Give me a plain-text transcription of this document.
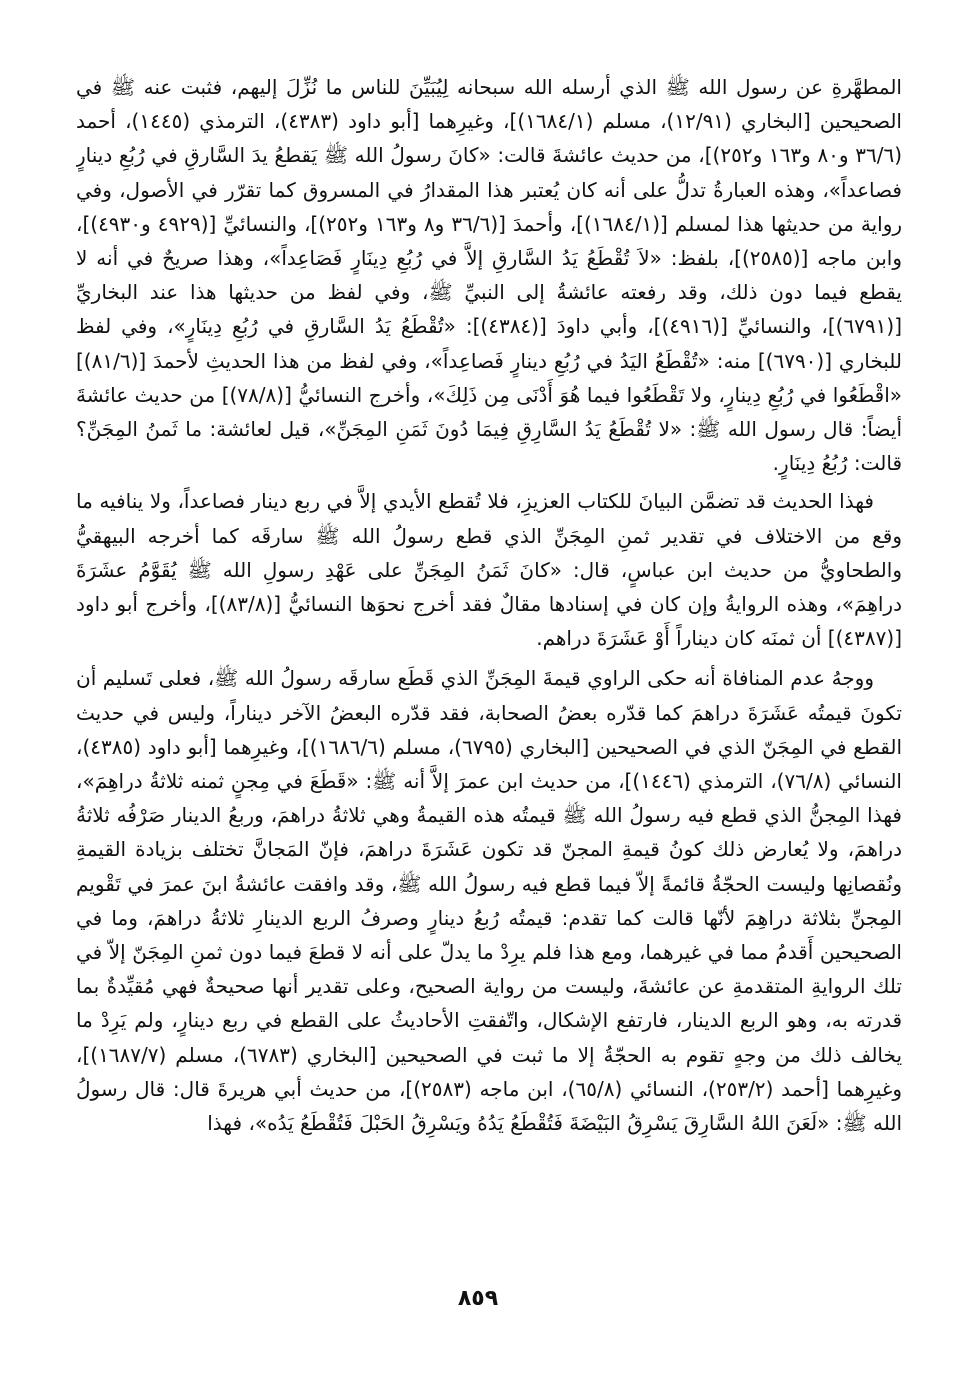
المطهَّرةِ عن رسول الله ﷺ الذي أرسله الله سبحانه لِيُبَيِّنَ للناس ما نُزِّلَ إليهم، فثبت عنه ﷺ في الصحيحين [البخاري (١٢/٩١)، مسلم (١٦٨٤/١)]، وغيرِهما [أبو داود (٤٣٨٣)، الترمذي (١٤٤٥)، أحمد (٣٦/٦ و٨٠ و١٦٣ و٢٥٢)]، من حديث عائشةَ قالت: «كانَ رسولُ الله ﷺ يَقطعُ يدَ السَّارقِ في رُبُعِ دينارٍ فصاعداً»، وهذه العبارةُ تدلُّ على أنه كان يُعتبر هذا المقدارُ في المسروق كما تقرّر في الأصول، وفي رواية من حديثها هذا لمسلم [(١٦٨٤/١)]، وأحمدَ [(٣٦/٦ و٨ و١٦٣ و٢٥٢)]، والنسائيِّ [(٤٩٢٩ و٤٩٣٠)]، وابن ماجه [(٢٥٨٥)]، بلفظ: «لاَ تُقْطَعُ يَدُ السَّارقِ إلاَّ في رُبُعِ دِينَارٍ فَصَاعِداً»، وهذا صريحٌ في أنه لا يقطع فيما دون ذلك، وقد رفعته عائشةُ إلى النبيِّ ﷺ، وفي لفظ من حديثها هذا عند البخاريِّ [(٦٧٩١)]، والنسائيِّ [(٤٩١٦)]، وأبي داودَ [(٤٣٨٤)]: «تُقْطَعُ يَدُ السَّارقِ في رُبُعِ دِينَارٍ»، وفي لفظ للبخاري [(٦٧٩٠)] منه: «تُقْطَعُ اليَدُ في رُبُعِ دينارٍ فَصاعِداً»، وفي لفظ من هذا الحديثِ لأحمدَ [(٨١/٦)] «اقْطَعُوا في رُبُعِ دِينارٍ، ولا تَقْطَعُوا فيما هُوَ أَدْنَى مِن ذَلِكَ»، وأخرج النسائيُّ [(٧٨/٨)] من حديث عائشةَ أيضاً: قال رسول الله ﷺ: «لا تُقْطَعُ يَدُ السَّارِقِ فِيمَا دُونَ ثَمَنِ المِجَنِّ»، قيل لعائشة: ما ثَمنُ المِجَنِّ؟ قالت: رُبُعُ دِينَارٍ.

فهذا الحديث قد تضمَّن البيانَ للكتاب العزيزِ، فلا تُقطع الأيدي إلاَّ في ربع دينار فصاعداً، ولا ينافيه ما وقع من الاختلاف في تقدير ثمنِ المِجَنِّ الذي قطع رسولُ الله ﷺ سارقَه كما أخرجه البيهقيُّ والطحاويُّ من حديث ابن عباسٍ، قال: «كانَ ثَمَنُ المِجَنِّ على عَهْدِ رسولِ الله ﷺ يُقَوَّمُ عشَرَةَ دراهِمَ»، وهذه الروايةُ وإن كان في إسنادها مقالٌ فقد أخرج نحوَها النسائيُّ [(٨٣/٨)]، وأخرج أبو داود [(٤٣٨٧)] أن ثمنَه كان ديناراً أَوْ عَشَرَةَ دراهم.

ووجهُ عدم المنافاة أنه حكى الراوي قيمةَ المِجَنِّ الذي قَطَع سارقَه رسولُ الله ﷺ، فعلى تَسليم أن تكونَ قيمتُه عَشَرَةَ دراهمَ كما قدّره بعضُ الصحابة، فقد قدّره البعضُ الآخر ديناراً، وليس في حديث القطع في المِجَنّ الذي في الصحيحين [البخاري (٦٧٩٥)، مسلم (١٦٨٦/٦)]، وغيرِهما [أبو داود (٤٣٨٥)، النسائي (٧٦/٨)، الترمذي (١٤٤٦)]، من حديث ابن عمرَ إلاَّ أنه ﷺ: «قَطَعَ في مِجنٍ ثمنه ثلاثةُ دراهِمَ»، فهذا المِجنُّ الذي قطع فيه رسولُ الله ﷺ قيمتُه هذه القيمةُ وهي ثلاثةُ دراهمَ، وربعُ الدينار صَرْفُه ثلاثةُ دراهمَ، ولا يُعارض ذلك كونُ قيمةِ المجنّ قد تكون عَشَرَةَ دراهمَ، فإنّ المَجانَّ تختلف بزيادة القيمةِ ونُقصانِها وليست الحجّةُ قائمةً إلاّ فيما قطع فيه رسولُ الله ﷺ، وقد وافقت عائشةُ ابنَ عمرَ في تَقْويم المِجنِّ بثلاثة دراهِمَ لأنّها قالت كما تقدم: قيمتُه رُبعُ دينارٍ وصرفُ الربع الدينارِ ثلاثةُ دراهمَ، وما في الصحيحين أَقدمُ مما في غيرهما، ومع هذا فلم يرِدْ ما يدلّ على أنه لا قطعَ فيما دون ثمنِ المِجَنّ إلاّ في تلك الروايةِ المتقدمةِ عن عائشةَ، وليست من رواية الصحيح، وعلى تقدير أنها صحيحةٌ فهي مُقيِّدةٌ بما قدرته به، وهو الربع الدينار، فارتفع الإشكال، واتّفقتِ الأحاديثُ على القطع في ربع دينارٍ، ولم يَرِدْ ما يخالف ذلك من وجهٍ تقوم به الحجّةُ إلا ما ثبت في الصحيحين [البخاري (٦٧٨٣)، مسلم (١٦٨٧/٧)]، وغيرِهما [أحمد (٢٥٣/٢)، النسائي (٦٥/٨)، ابن ماجه (٢٥٨٣)]، من حديث أبي هريرةَ قال: قال رسولُ الله ﷺ: «لَعَنَ اللهُ السَّارِقَ يَسْرِقُ البَيْضَةَ فَتُقْطَعُ يَدُهُ ويَسْرِقُ الحَبْلَ فَتُقْطَعُ يَدُه»، فهذا

٨٥٩
